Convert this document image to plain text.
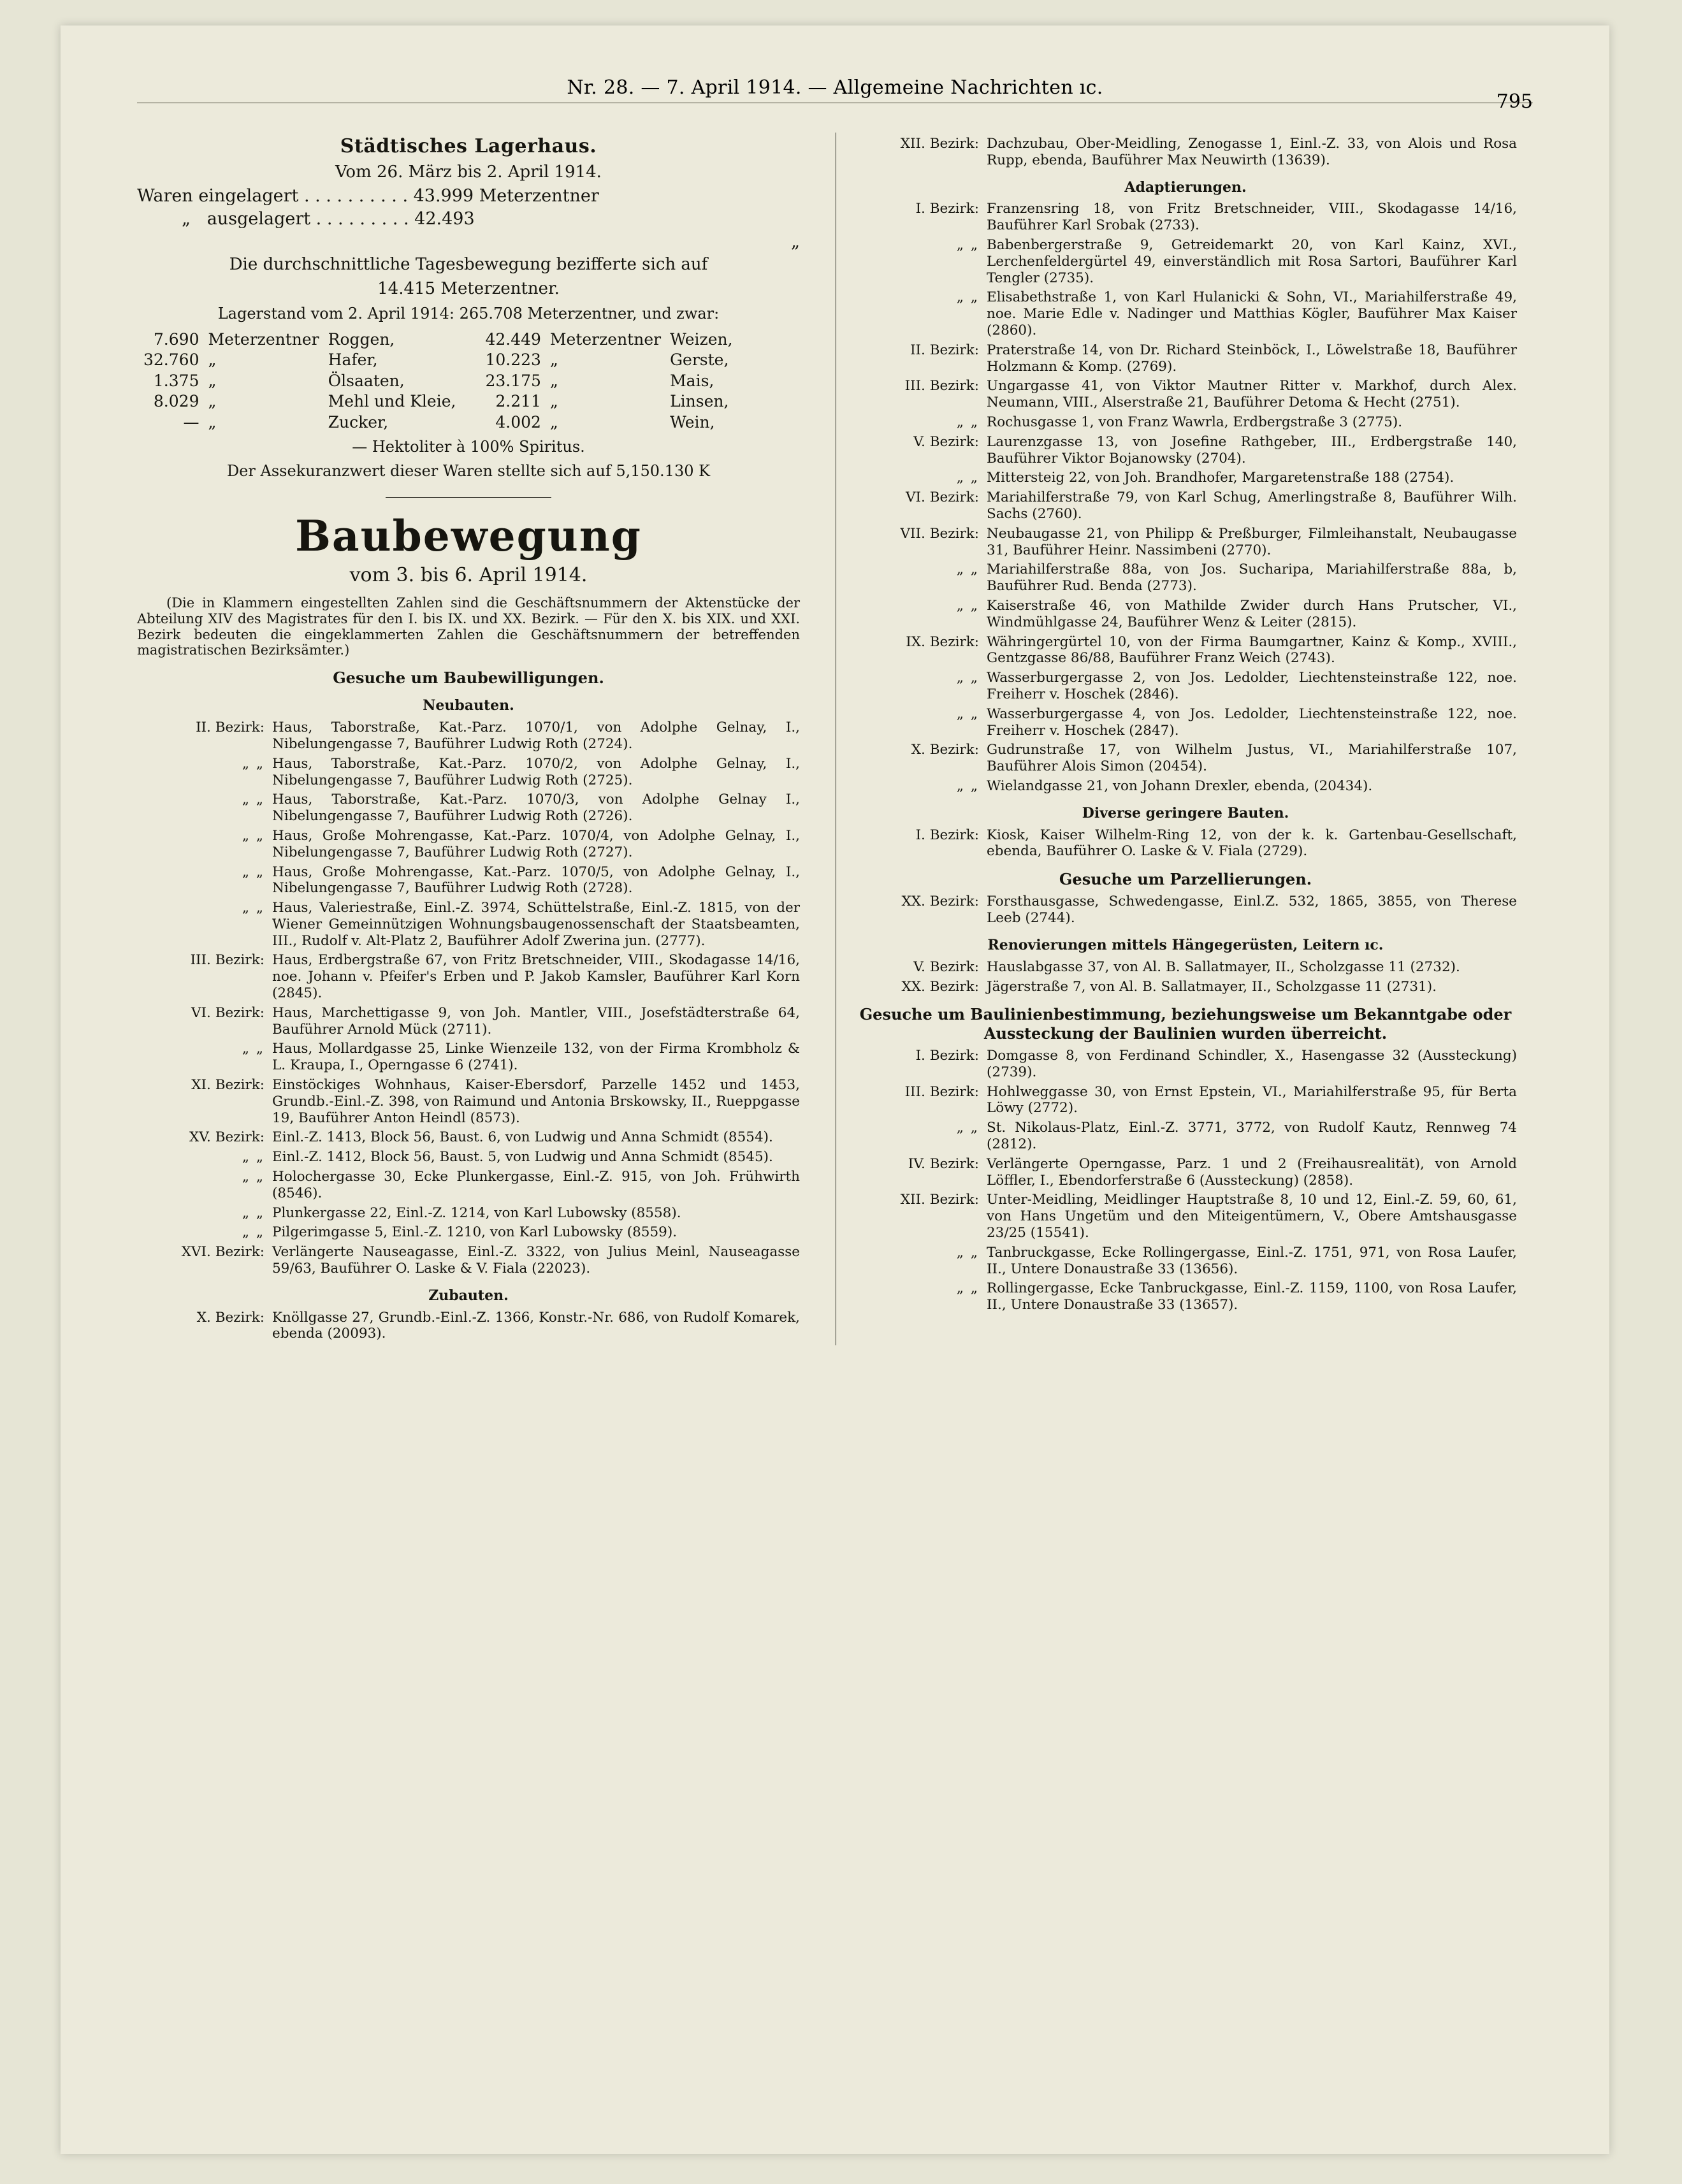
Nr. 28. — 7. April 1914. — Allgemeine Nachrichten ıc.
795
Städtisches Lagerhaus.
Vom 26. März bis 2. April 1914.
Waren eingelagert . . . . . . . . . . 43.999 Meterzentner
„   ausgelagert . . . . . . . . . 42.493
„
Die durchschnittliche Tagesbewegung bezifferte sich auf
14.415 Meterzentner.
Lagerstand vom 2. April 1914: 265.708 Meterzentner, und zwar:
7.690	Meterzentner	Roggen,		42.449	Meterzentner	Weizen,
32.760	„	Hafer,		10.223	„	Gerste,
1.375	„	Ölsaaten,		23.175	„	Mais,
8.029	„	Mehl und Kleie,		2.211	„	Linsen,
—	„	Zucker,		4.002	„	Wein,
— Hektoliter à 100% Spiritus.
Der Assekuranzwert dieser Waren stellte sich auf 5,150.130 K
Baubewegung
vom 3. bis 6. April 1914.
(Die in Klammern eingestellten Zahlen sind die Geschäftsnummern der Aktenstücke der Abteilung XIV des Magistrates für den I. bis IX. und XX. Bezirk. — Für den X. bis XIX. und XXI. Bezirk bedeuten die eingeklammerten Zahlen die Geschäftsnummern der betreffenden magistratischen Bezirksämter.)
Gesuche um Baubewilligungen.
Neubauten.
II. Bezirk: Haus, Taborstraße, Kat.-Parz. 1070/1, von Adolphe Gelnay, I., Nibelungengasse 7, Bauführer Ludwig Roth (2724).
„ „ Haus, Taborstraße, Kat.-Parz. 1070/2, von Adolphe Gelnay, I., Nibelungengasse 7, Bauführer Ludwig Roth (2725).
„ „ Haus, Taborstraße, Kat.-Parz. 1070/3, von Adolphe Gelnay I., Nibelungengasse 7, Bauführer Ludwig Roth (2726).
„ „ Haus, Große Mohrengasse, Kat.-Parz. 1070/4, von Adolphe Gelnay, I., Nibelungengasse 7, Bauführer Ludwig Roth (2727).
„ „ Haus, Große Mohrengasse, Kat.-Parz. 1070/5, von Adolphe Gelnay, I., Nibelungengasse 7, Bauführer Ludwig Roth (2728).
„ „ Haus, Valeriestraße, Einl.-Z. 3974, Schüttelstraße, Einl.-Z. 1815, von der Wiener Gemeinnützigen Wohnungsbaugenossenschaft der Staatsbeamten, III., Rudolf v. Alt-Platz 2, Bauführer Adolf Zwerina jun. (2777).
III. Bezirk: Haus, Erdbergstraße 67, von Fritz Bretschneider, VIII., Skodagasse 14/16, noe. Johann v. Pfeifer's Erben und P. Jakob Kamsler, Bauführer Karl Korn (2845).
VI. Bezirk: Haus, Marchettigasse 9, von Joh. Mantler, VIII., Josefstädterstraße 64, Bauführer Arnold Mück (2711).
„ „ Haus, Mollardgasse 25, Linke Wienzeile 132, von der Firma Krombholz & L. Kraupa, I., Operngasse 6 (2741).
XI. Bezirk: Einstöckiges Wohnhaus, Kaiser-Ebersdorf, Parzelle 1452 und 1453, Grundb.-Einl.-Z. 398, von Raimund und Antonia Brskowsky, II., Rueppgasse 19, Bauführer Anton Heindl (8573).
XV. Bezirk: Einl.-Z. 1413, Block 56, Baust. 6, von Ludwig und Anna Schmidt (8554).
„ „ Einl.-Z. 1412, Block 56, Baust. 5, von Ludwig und Anna Schmidt (8545).
„ „ Holochergasse 30, Ecke Plunkergasse, Einl.-Z. 915, von Joh. Frühwirth (8546).
„ „ Plunkergasse 22, Einl.-Z. 1214, von Karl Lubowsky (8558).
„ „ Pilgerimgasse 5, Einl.-Z. 1210, von Karl Lubowsky (8559).
XVI. Bezirk: Verlängerte Nauseagasse, Einl.-Z. 3322, von Julius Meinl, Nauseagasse 59/63, Bauführer O. Laske & V. Fiala (22023).
Zubauten.
X. Bezirk: Knöllgasse 27, Grundb.-Einl.-Z. 1366, Konstr.-Nr. 686, von Rudolf Komarek, ebenda (20093).
XII. Bezirk: Dachzubau, Ober-Meidling, Zenogasse 1, Einl.-Z. 33, von Alois und Rosa Rupp, ebenda, Bauführer Max Neuwirth (13639).
Adaptierungen.
I. Bezirk: Franzensring 18, von Fritz Bretschneider, VIII., Skodagasse 14/16, Bauführer Karl Srobak (2733).
„ „ Babenbergerstraße 9, Getreidemarkt 20, von Karl Kainz, XVI., Lerchenfeldergürtel 49, einverständlich mit Rosa Sartori, Bauführer Karl Tengler (2735).
„ „ Elisabethstraße 1, von Karl Hulanicki & Sohn, VI., Mariahilferstraße 49, noe. Marie Edle v. Nadinger und Matthias Kögler, Bauführer Max Kaiser (2860).
II. Bezirk: Praterstraße 14, von Dr. Richard Steinböck, I., Löwelstraße 18, Bauführer Holzmann & Komp. (2769).
III. Bezirk: Ungargasse 41, von Viktor Mautner Ritter v. Markhof, durch Alex. Neumann, VIII., Alserstraße 21, Bauführer Detoma & Hecht (2751).
„ „ Rochusgasse 1, von Franz Wawrla, Erdbergstraße 3 (2775).
V. Bezirk: Laurenzgasse 13, von Josefine Rathgeber, III., Erdbergstraße 140, Bauführer Viktor Bojanowsky (2704).
„ „ Mittersteig 22, von Joh. Brandhofer, Margaretenstraße 188 (2754).
VI. Bezirk: Mariahilferstraße 79, von Karl Schug, Amerlingstraße 8, Bauführer Wilh. Sachs (2760).
VII. Bezirk: Neubaugasse 21, von Philipp & Preßburger, Filmleihanstalt, Neubaugasse 31, Bauführer Heinr. Nassimbeni (2770).
„ „ Mariahilferstraße 88a, von Jos. Sucharipa, Mariahilferstraße 88a, b, Bauführer Rud. Benda (2773).
„ „ Kaiserstraße 46, von Mathilde Zwider durch Hans Prutscher, VI., Windmühlgasse 24, Bauführer Wenz & Leiter (2815).
IX. Bezirk: Währingergürtel 10, von der Firma Baumgartner, Kainz & Komp., XVIII., Gentzgasse 86/88, Bauführer Franz Weich (2743).
„ „ Wasserburgergasse 2, von Jos. Ledolder, Liechtensteinstraße 122, noe. Freiherr v. Hoschek (2846).
„ „ Wasserburgergasse 4, von Jos. Ledolder, Liechtensteinstraße 122, noe. Freiherr v. Hoschek (2847).
X. Bezirk: Gudrunstraße 17, von Wilhelm Justus, VI., Mariahilferstraße 107, Bauführer Alois Simon (20454).
„ „ Wielandgasse 21, von Johann Drexler, ebenda, (20434).
Diverse geringere Bauten.
I. Bezirk: Kiosk, Kaiser Wilhelm-Ring 12, von der k. k. Gartenbau-Gesellschaft, ebenda, Bauführer O. Laske & V. Fiala (2729).
Gesuche um Parzellierungen.
XX. Bezirk: Forsthausgasse, Schwedengasse, Einl.Z. 532, 1865, 3855, von Therese Leeb (2744).
Renovierungen mittels Hängegerüsten, Leitern ıc.
V. Bezirk: Hauslabgasse 37, von Al. B. Sallatmayer, II., Scholzgasse 11 (2732).
XX. Bezirk: Jägerstraße 7, von Al. B. Sallatmayer, II., Scholzgasse 11 (2731).
Gesuche um Baulinienbestimmung, beziehungsweise um Bekanntgabe oder Aussteckung der Baulinien wurden überreicht.
I. Bezirk: Domgasse 8, von Ferdinand Schindler, X., Hasengasse 32 (Aussteckung) (2739).
III. Bezirk: Hohlweggasse 30, von Ernst Epstein, VI., Mariahilferstraße 95, für Berta Löwy (2772).
„ „ St. Nikolaus-Platz, Einl.-Z. 3771, 3772, von Rudolf Kautz, Rennweg 74 (2812).
IV. Bezirk: Verlängerte Operngasse, Parz. 1 und 2 (Freihausrealität), von Arnold Löffler, I., Ebendorferstraße 6 (Aussteckung) (2858).
XII. Bezirk: Unter-Meidling, Meidlinger Hauptstraße 8, 10 und 12, Einl.-Z. 59, 60, 61, von Hans Ungetüm und den Miteigentümern, V., Obere Amtshausgasse 23/25 (15541).
„ „ Tanbruckgasse, Ecke Rollingergasse, Einl.-Z. 1751, 971, von Rosa Laufer, II., Untere Donaustraße 33 (13656).
„ „ Rollingergasse, Ecke Tanbruckgasse, Einl.-Z. 1159, 1100, von Rosa Laufer, II., Untere Donaustraße 33 (13657).
